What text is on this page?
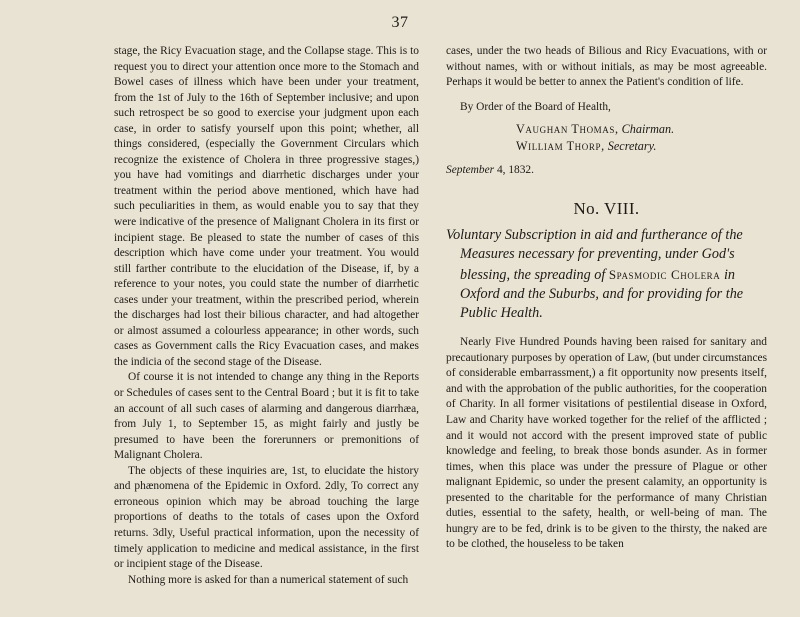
37

stage, the Ricy Evacuation stage, and the Collapse stage. This is to request you to direct your attention once more to the Stomach and Bowel cases of illness which have been under your treatment, from the 1st of July to the 16th of September inclusive; and upon such retrospect be so good to exercise your judgment upon each case, in order to satisfy yourself upon this point; whether, all things considered, (especially the Government Circulars which recognize the existence of Cholera in three progressive stages,) you have had vomitings and diarrhetic discharges under your treatment within the period above mentioned, which have had such peculiarities in them, as would enable you to say that they were indicative of the presence of Malignant Cholera in its first or incipient stage. Be pleased to state the number of cases of this description which have come under your treatment. You would still farther contribute to the elucidation of the Disease, if, by a reference to your notes, you could state the number of diarrhetic cases under your treatment, within the prescribed period, wherein the discharges had lost their bilious character, and had altogether or almost assumed a colourless appearance; in other words, such cases as Government calls the Ricy Evacuation cases, and makes the indicia of the second stage of the Disease.

Of course it is not intended to change any thing in the Reports or Schedules of cases sent to the Central Board ; but it is fit to take an account of all such cases of alarming and dangerous diarrhæa, from July 1, to September 15, as might fairly and justly be presumed to have been the forerunners or premonitions of Malignant Cholera.

The objects of these inquiries are, 1st, to elucidate the history and phænomena of the Epidemic in Oxford. 2dly, To correct any erroneous opinion which may be abroad touching the large proportions of deaths to the totals of cases upon the Oxford returns. 3dly, Useful practical information, upon the necessity of timely application to medicine and medical assistance, in the first or incipient stage of the Disease.

Nothing more is asked for than a numerical statement of such

cases, under the two heads of Bilious and Ricy Evacuations, with or without names, with or without initials, as may be most agreeable. Perhaps it would be better to annex the Patient's condition of life.

By Order of the Board of Health,

Vaughan Thomas, Chairman.
William Thorp, Secretary.
September 4, 1832.
No. VIII.
Voluntary Subscription in aid and furtherance of the Measures necessary for preventing, under God's blessing, the spreading of Spasmodic Cholera in Oxford and the Suburbs, and for providing for the Public Health.

Nearly Five Hundred Pounds having been raised for sanitary and precautionary purposes by operation of Law, (but under circumstances of considerable embarrassment,) a fit opportunity now presents itself, and with the approbation of the public authorities, for the cooperation of Charity. In all former visitations of pestilential disease in Oxford, Law and Charity have worked together for the relief of the afflicted ; and it would not accord with the present improved state of public knowledge and feeling, to break those bonds asunder. As in former times, when this place was under the pressure of Plague or other malignant Epidemic, so under the present calamity, an opportunity is presented to the charitable for the performance of many Christian duties, essential to the safety, health, or well-being of man. The hungry are to be fed, drink is to be given to the thirsty, the naked are to be clothed, the houseless to be taken
